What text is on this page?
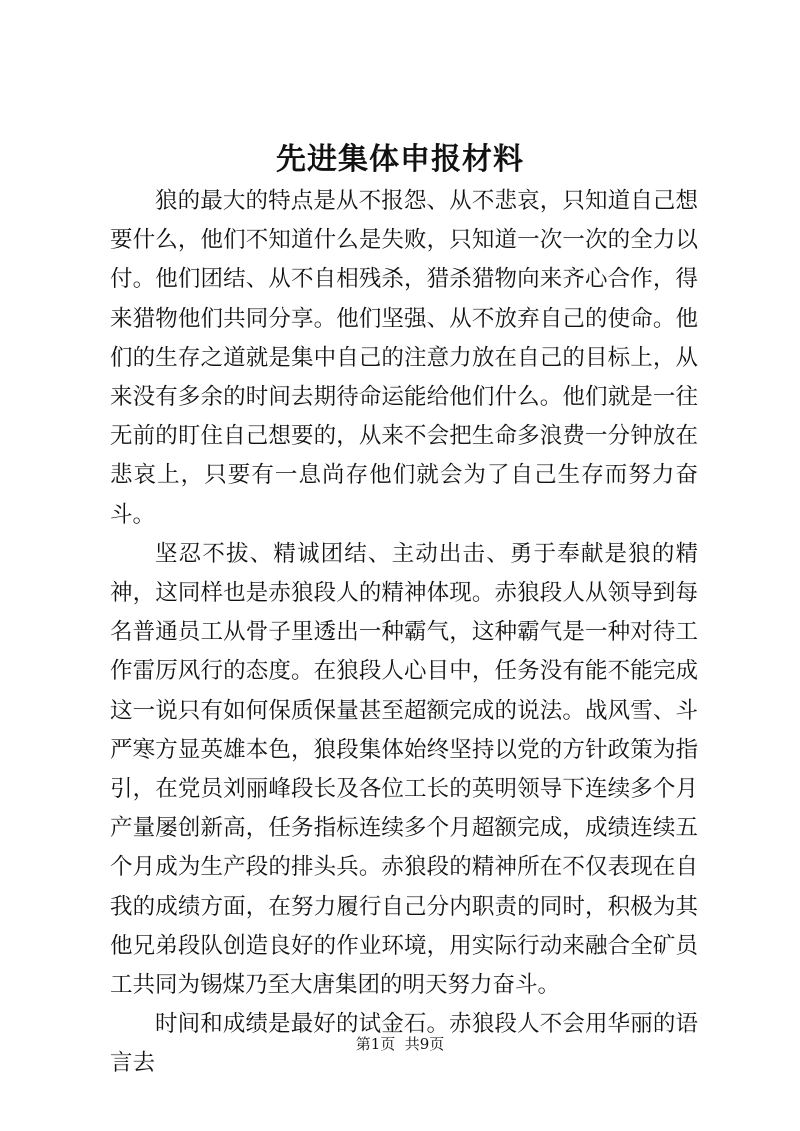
先进集体申报材料

狼的最大的特点是从不报怨、从不悲哀，只知道自己想要什么，他们不知道什么是失败，只知道一次一次的全力以付。他们团结、从不自相残杀，猎杀猎物向来齐心合作，得来猎物他们共同分享。他们坚强、从不放弃自己的使命。他们的生存之道就是集中自己的注意力放在自己的目标上，从来没有多余的时间去期待命运能给他们什么。他们就是一往无前的盯住自己想要的，从来不会把生命多浪费一分钟放在悲哀上，只要有一息尚存他们就会为了自己生存而努力奋斗。

坚忍不拔、精诚团结、主动出击、勇于奉献是狼的精神，这同样也是赤狼段人的精神体现。赤狼段人从领导到每名普通员工从骨子里透出一种霸气，这种霸气是一种对待工作雷厉风行的态度。在狼段人心目中，任务没有能不能完成这一说只有如何保质保量甚至超额完成的说法。战风雪、斗严寒方显英雄本色，狼段集体始终坚持以党的方针政策为指引，在党员刘丽峰段长及各位工长的英明领导下连续多个月产量屡创新高，任务指标连续多个月超额完成，成绩连续五个月成为生产段的排头兵。赤狼段的精神所在不仅表现在自我的成绩方面，在努力履行自己分内职责的同时，积极为其他兄弟段队创造良好的作业环境，用实际行动来融合全矿员工共同为锡煤乃至大唐集团的明天努力奋斗。

时间和成绩是最好的试金石。赤狼段人不会用华丽的语言去

第1页  共9页
